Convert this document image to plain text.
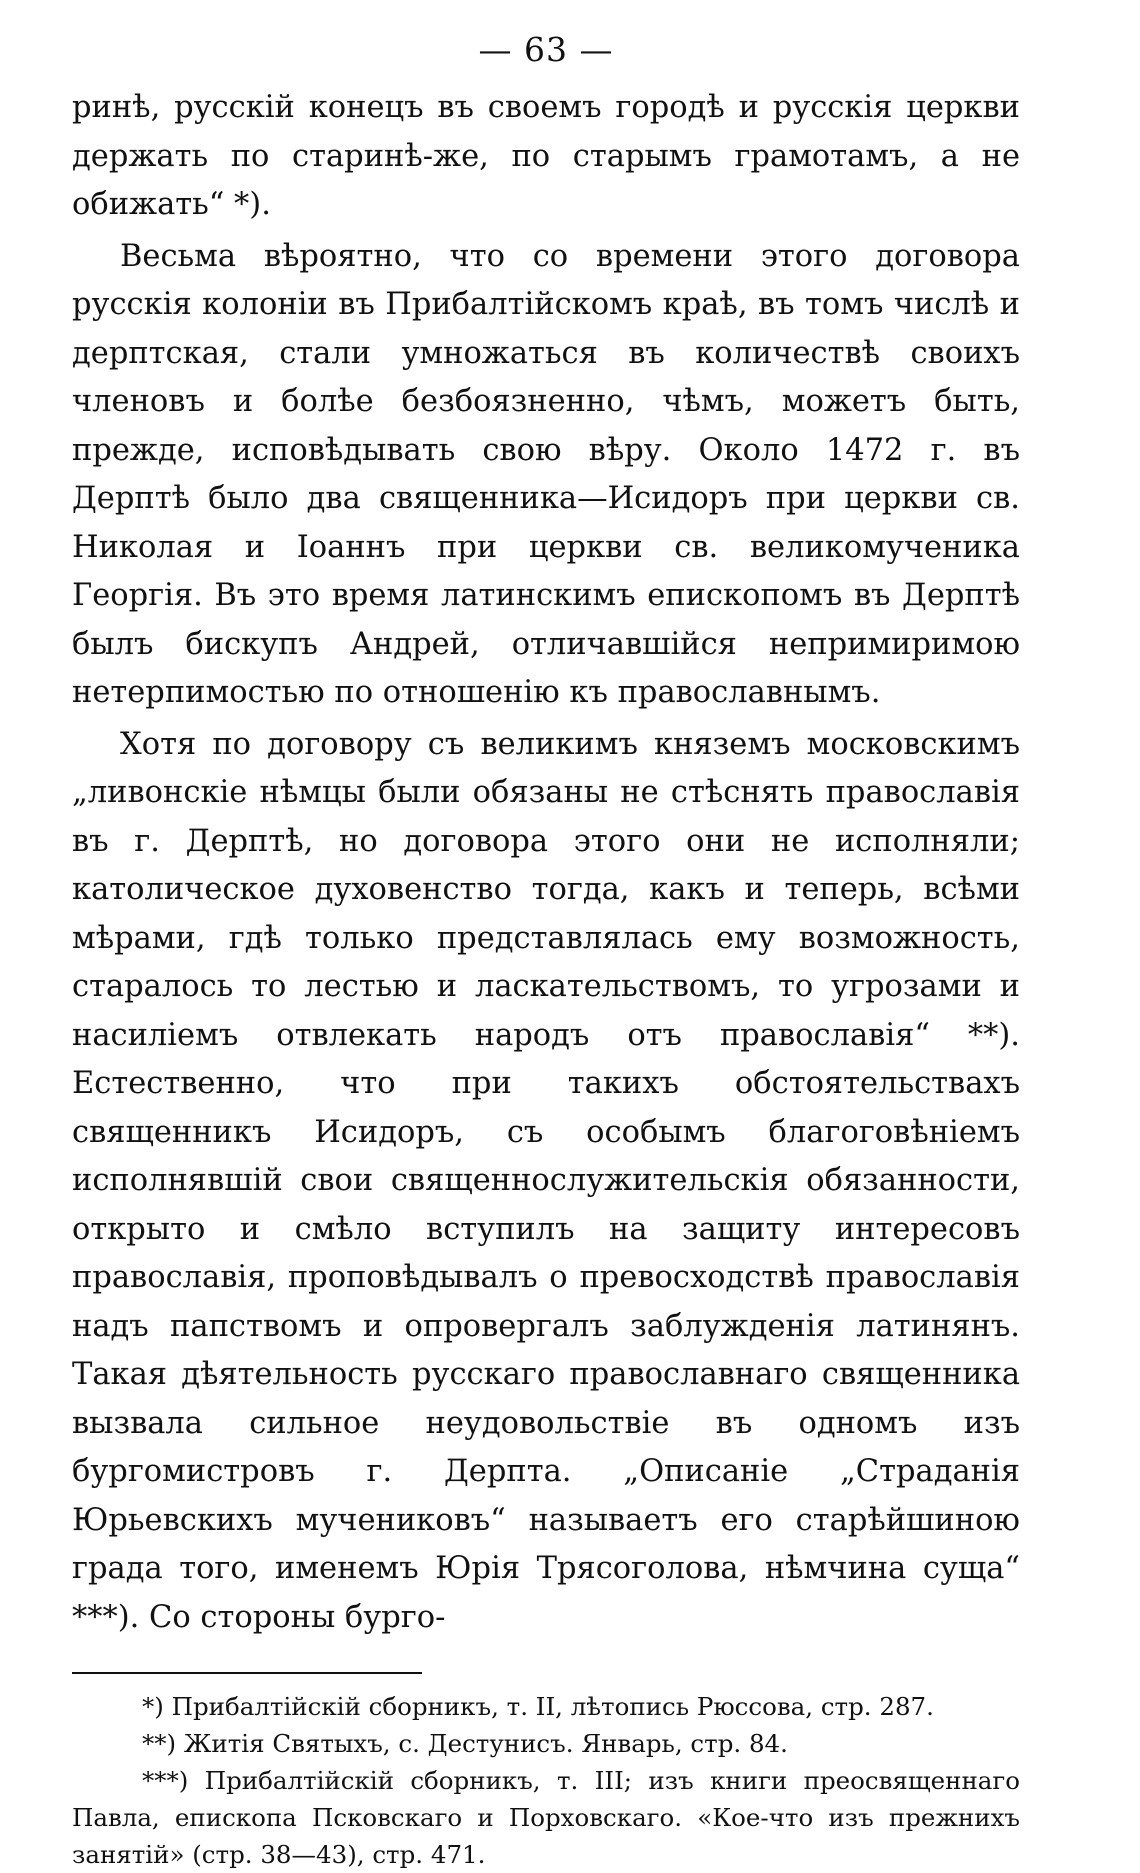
— 63 —

ринѣ, русскій конецъ въ своемъ городѣ и русскія церкви держать по старинѣ-же, по старымъ грамотамъ, а не обижать“ *).

Весьма вѣроятно, что со времени этого договора русскія колоніи въ Прибалтійскомъ краѣ, въ томъ числѣ и дерптская, стали умножаться въ количествѣ своихъ членовъ и болѣе безбоязненно, чѣмъ, можетъ быть, прежде, исповѣдывать свою вѣру. Около 1472 г. въ Дерптѣ было два священника—Исидоръ при церкви св. Николая и Іоаннъ при церкви св. великомученика Георгія. Въ это время латинскимъ епископомъ въ Дерптѣ былъ бискупъ Андрей, отличавшійся непримиримою нетерпимостью по отношенію къ православнымъ.

Хотя по договору съ великимъ княземъ московскимъ „ливонскіе нѣмцы были обязаны не стѣснять православія въ г. Дерптѣ, но договора этого они не исполняли; католическое духовенство тогда, какъ и теперь, всѣми мѣрами, гдѣ только представлялась ему возможность, старалось то лестью и ласкательствомъ, то угрозами и насиліемъ отвлекать народъ отъ православія“ **). Естественно, что при такихъ обстоятельствахъ священникъ Исидоръ, съ особымъ благоговѣніемъ исполнявшій свои священнослужительскія обязанности, открыто и смѣло вступилъ на защиту интересовъ православія, проповѣдывалъ о превосходствѣ православія надъ папствомъ и опровергалъ заблужденія латинянъ. Такая дѣятельность русскаго православнаго священника вызвала сильное неудовольствіе въ одномъ изъ бургомистровъ г. Дерпта. „Описаніе „Страданія Юрьевскихъ мучениковъ“ называетъ его старѣйшиною града того, именемъ Юрія Трясоголова, нѣмчина суща“ ***). Со стороны бурго-

*) Прибалтійскій сборникъ, т. II, лѣтопись Рюссова, стр. 287.

**) Житія Святыхъ, с. Дестунисъ. Январь, стр. 84.

***) Прибалтійскій сборникъ, т. III; изъ книги преосвященнаго Павла, епископа Псковскаго и Порховскаго. «Кое-что изъ прежнихъ занятій» (стр. 38—43), стр. 471.
